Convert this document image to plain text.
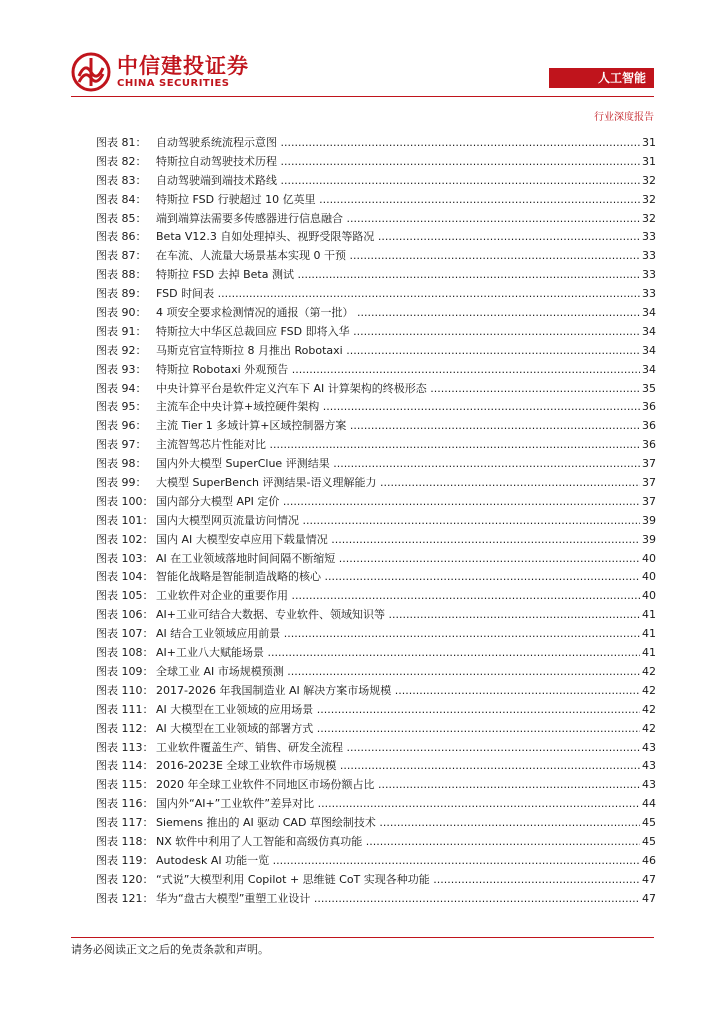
中信建投证券
CHINA SECURITIES	人工智能
行业深度报告
图表 81： 自动驾驶系统流程示意图 .....	31
图表 82： 特斯拉自动驾驶技术历程 .....	31
图表 83： 自动驾驶端到端技术路线 .....	32
图表 84： 特斯拉 FSD 行驶超过 10 亿英里 .....	32
图表 85： 端到端算法需要多传感器进行信息融合 .....	32
图表 86： Beta V12.3 自如处理掉头、视野受限等路况 .....	33
图表 87： 在车流、人流量大场景基本实现 0 干预 .....	33
图表 88： 特斯拉 FSD 去掉 Beta 测试 .....	33
图表 89： FSD 时间表 .....	33
图表 90： 4 项安全要求检测情况的通报（第一批） .....	34
图表 91： 特斯拉大中华区总裁回应 FSD 即将入华 .....	34
图表 92： 马斯克官宣特斯拉 8 月推出 Robotaxi .....	34
图表 93： 特斯拉 Robotaxi 外观预告 .....	34
图表 94： 中央计算平台是软件定义汽车下 AI 计算架构的终极形态 .....	35
图表 95： 主流车企中央计算+域控硬件架构 .....	36
图表 96： 主流 Tier 1 多域计算+区域控制器方案 .....	36
图表 97： 主流智驾芯片性能对比 .....	36
图表 98： 国内外大模型 SuperClue 评测结果 .....	37
图表 99： 大模型 SuperBench 评测结果-语义理解能力 .....	37
图表 100： 国内部分大模型 API 定价 .....	37
图表 101： 国内大模型网页流量访问情况 .....	39
图表 102： 国内 AI 大模型安卓应用下载量情况 .....	39
图表 103： AI 在工业领域落地时间间隔不断缩短 .....	40
图表 104： 智能化战略是智能制造战略的核心 .....	40
图表 105： 工业软件对企业的重要作用 .....	40
图表 106： AI+工业可结合大数据、专业软件、领域知识等 .....	41
图表 107： AI 结合工业领域应用前景 .....	41
图表 108： AI+工业八大赋能场景 .....	41
图表 109： 全球工业 AI 市场规模预测 .....	42
图表 110： 2017-2026 年我国制造业 AI 解决方案市场规模 .....	42
图表 111： AI 大模型在工业领域的应用场景 .....	42
图表 112： AI 大模型在工业领域的部署方式 .....	42
图表 113： 工业软件覆盖生产、销售、研发全流程 .....	43
图表 114： 2016-2023E 全球工业软件市场规模 .....	43
图表 115： 2020 年全球工业软件不同地区市场份额占比 .....	43
图表 116： 国内外“AI+”工业软件”差异对比 .....	44
图表 117： Siemens 推出的 AI 驱动 CAD 草图绘制技术 .....	45
图表 118： NX 软件中利用了人工智能和高级仿真功能 .....	45
图表 119： Autodesk AI 功能一览 .....	46
图表 120： “式说”大模型利用 Copilot + 思维链 CoT 实现各种功能 .....	47
图表 121： 华为“盘古大模型”重塑工业设计 .....	47
请务必阅读正文之后的免责条款和声明。
